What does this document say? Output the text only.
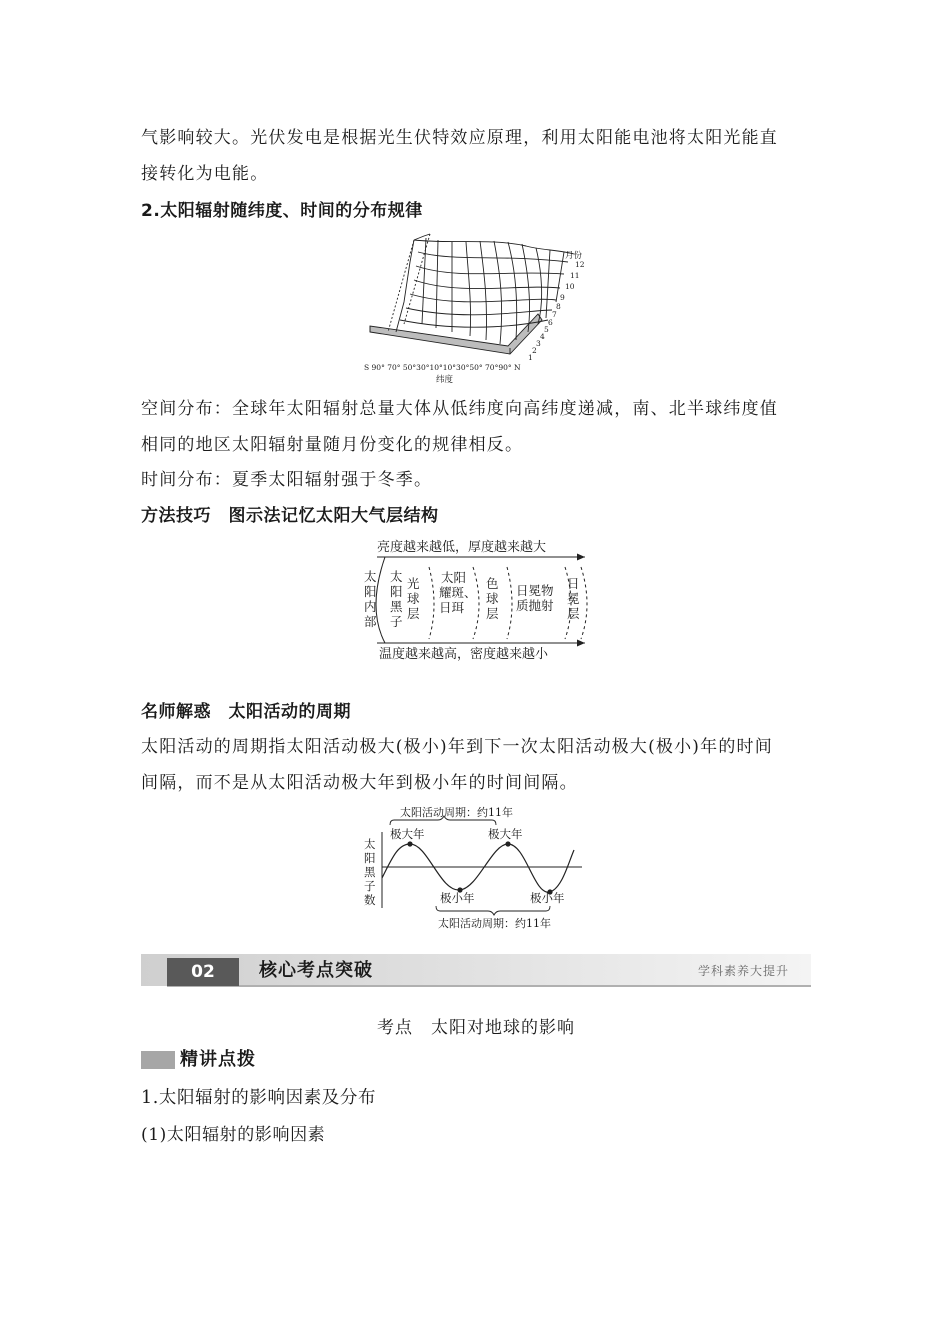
气影响较大。光伏发电是根据光生伏特效应原理，利用太阳能电池将太阳光能直
接转化为电能。
2.太阳辐射随纬度、时间的分布规律
月份
12
11
10
9
8
7
6
5
4
3
2
1
S 90° 70° 50°30°10°10°30°50° 70°90° N
纬度
空间分布：全球年太阳辐射总量大体从低纬度向高纬度递减，南、北半球纬度值
相同的地区太阳辐射量随月份变化的规律相反。
时间分布：夏季太阳辐射强于冬季。
方法技巧　图示法记忆太阳大气层结构
亮度越来越低，厚度越来越大
太
阳
内
部
太
阳
黑
子
光
球
层
太阳
耀斑、
日珥
色
球
层
日冕物
质抛射
日
冕
层
温度越来越高，密度越来越小
名师解惑　太阳活动的周期
太阳活动的周期指太阳活动极大(极小)年到下一次太阳活动极大(极小)年的时间
间隔，而不是从太阳活动极大年到极小年的时间间隔。
太阳活动周期：约11年
太
阳
黑
子
数
极大年	极大年
极小年	极小年
太阳活动周期：约11年
02	核心考点突破	学科素养大提升
考点　太阳对地球的影响
精讲点拨
1.太阳辐射的影响因素及分布
(1)太阳辐射的影响因素
